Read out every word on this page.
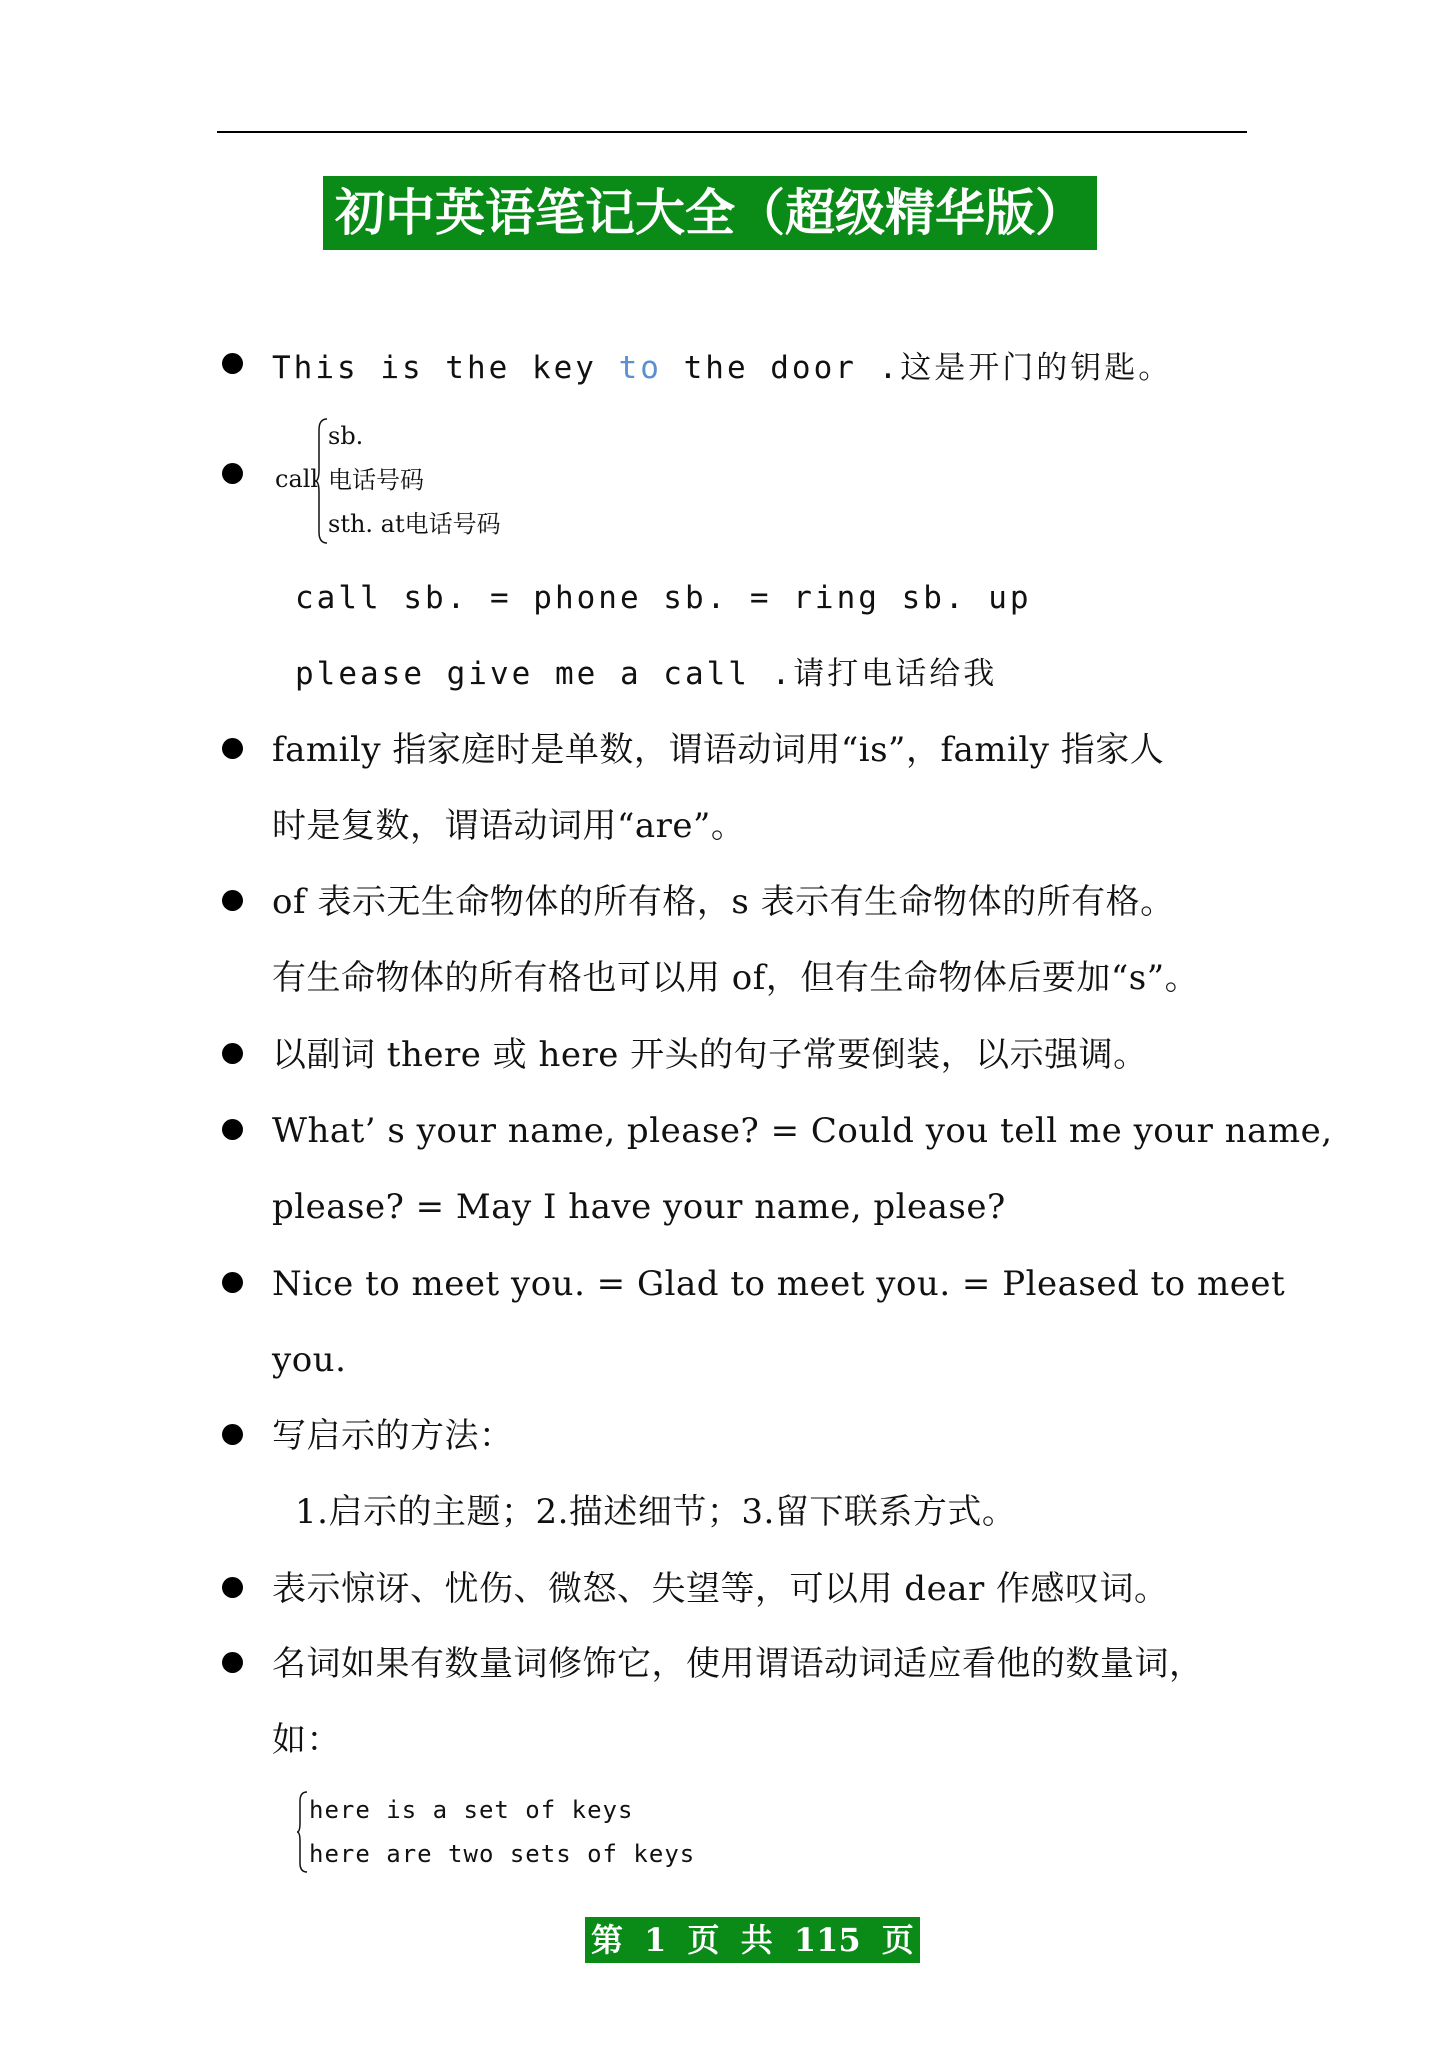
初中英语笔记大全（超级精华版）
This is the key to the door .这是开门的钥匙。
call
sb.
电话号码
sth. at电话号码
call sb. = phone sb. = ring sb. up
please give me a call .请打电话给我
family 指家庭时是单数，谓语动词用“is”，family 指家人
时是复数，谓语动词用“are”。
of 表示无生命物体的所有格，s 表示有生命物体的所有格。
有生命物体的所有格也可以用 of，但有生命物体后要加“s”。
以副词 there 或 here 开头的句子常要倒装，以示强调。
What’ s your name, please? = Could you tell me your name,
please? = May I have your name, please?
Nice to meet you. = Glad to meet you. = Pleased to meet
you.
写启示的方法：
1.启示的主题；2.描述细节；3.留下联系方式。
表示惊讶、忧伤、微怒、失望等，可以用 dear 作感叹词。
名词如果有数量词修饰它，使用谓语动词适应看他的数量词，
如：
here is a set of keys
here are two sets of keys
第 1 页 共 115 页
